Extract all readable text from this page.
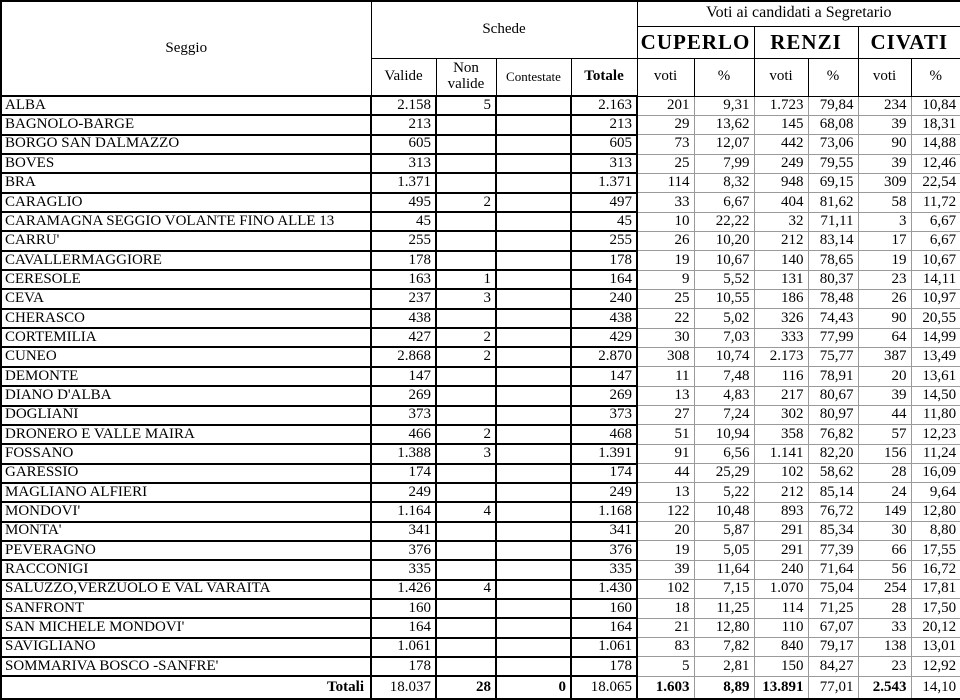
Seggio	Schede				Voti ai candidati a Segretario					
					CUPERLO		RENZI		CIVATI	
	Valide	Non valide	Contestate	Totale	voti	%	voti	%	voti	%
ALBA	2.158	5		2.163	201	9,31	1.723	79,84	234	10,84
BAGNOLO-BARGE	213			213	29	13,62	145	68,08	39	18,31
BORGO SAN DALMAZZO	605			605	73	12,07	442	73,06	90	14,88
BOVES	313			313	25	7,99	249	79,55	39	12,46
BRA	1.371			1.371	114	8,32	948	69,15	309	22,54
CARAGLIO	495	2		497	33	6,67	404	81,62	58	11,72
CARAMAGNA SEGGIO VOLANTE FINO ALLE 13	45			45	10	22,22	32	71,11	3	6,67
CARRU'	255			255	26	10,20	212	83,14	17	6,67
CAVALLERMAGGIORE	178			178	19	10,67	140	78,65	19	10,67
CERESOLE	163	1		164	9	5,52	131	80,37	23	14,11
CEVA	237	3		240	25	10,55	186	78,48	26	10,97
CHERASCO	438			438	22	5,02	326	74,43	90	20,55
CORTEMILIA	427	2		429	30	7,03	333	77,99	64	14,99
CUNEO	2.868	2		2.870	308	10,74	2.173	75,77	387	13,49
DEMONTE	147			147	11	7,48	116	78,91	20	13,61
DIANO D'ALBA	269			269	13	4,83	217	80,67	39	14,50
DOGLIANI	373			373	27	7,24	302	80,97	44	11,80
DRONERO E VALLE MAIRA	466	2		468	51	10,94	358	76,82	57	12,23
FOSSANO	1.388	3		1.391	91	6,56	1.141	82,20	156	11,24
GARESSIO	174			174	44	25,29	102	58,62	28	16,09
MAGLIANO ALFIERI	249			249	13	5,22	212	85,14	24	9,64
MONDOVI'	1.164	4		1.168	122	10,48	893	76,72	149	12,80
MONTA'	341			341	20	5,87	291	85,34	30	8,80
PEVERAGNO	376			376	19	5,05	291	77,39	66	17,55
RACCONIGI	335			335	39	11,64	240	71,64	56	16,72
SALUZZO,VERZUOLO E VAL VARAITA	1.426	4		1.430	102	7,15	1.070	75,04	254	17,81
SANFRONT	160			160	18	11,25	114	71,25	28	17,50
SAN MICHELE MONDOVI'	164			164	21	12,80	110	67,07	33	20,12
SAVIGLIANO	1.061			1.061	83	7,82	840	79,17	138	13,01
SOMMARIVA BOSCO -SANFRE'	178			178	5	2,81	150	84,27	23	12,92
Totali	18.037	28	0	18.065	1.603	8,89	13.891	77,01	2.543	14,10
